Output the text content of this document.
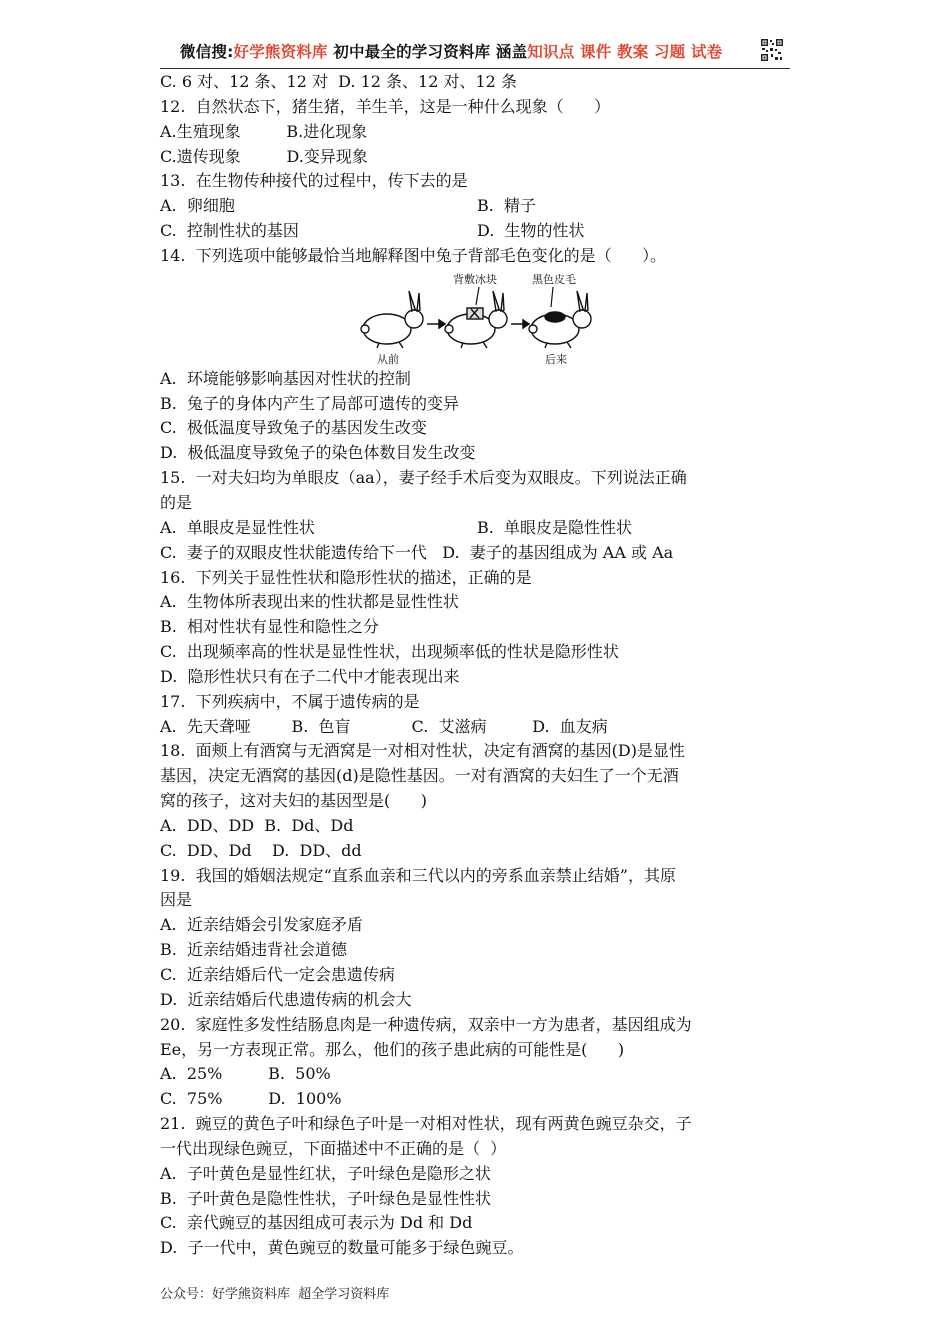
微信搜:好学熊资料库 初中最全的学习资料库 涵盖知识点 课件 教案 习题 试卷
C. 6 对、12 条、12 对  D. 12 条、12 对、12 条
12.  自然状态下，猪生猪，羊生羊，这是一种什么现象（      ）
A.生殖现象         B.进化现象
C.遗传现象         D.变异现象
13.  在生物传种接代的过程中，传下去的是
A.  卵细胞	B.  精子
C.  控制性状的基因	D.  生物的性状
14.  下列选项中能够最恰当地解释图中兔子背部毛色变化的是（      ）。
背敷冰块	黑色皮毛
从前	后来
A.  环境能够影响基因对性状的控制
B.  兔子的身体内产生了局部可遗传的变异
C.  极低温度导致兔子的基因发生改变
D.  极低温度导致兔子的染色体数目发生改变
15.  一对夫妇均为单眼皮（aa），妻子经手术后变为双眼皮。下列说法正确
的是
A.  单眼皮是显性性状	B.  单眼皮是隐性性状
C.  妻子的双眼皮性状能遗传给下一代   D.  妻子的基因组成为 AA 或 Aa
16.  下列关于显性性状和隐形性状的描述，正确的是
A.  生物体所表现出来的性状都是显性性状
B.  相对性状有显性和隐性之分
C.  出现频率高的性状是显性性状，出现频率低的性状是隐形性状
D.  隐形性状只有在子二代中才能表现出来
17.  下列疾病中，不属于遗传病的是
A.  先天聋哑        B.  色盲            C.  艾滋病         D.  血友病
18.  面颊上有酒窝与无酒窝是一对相对性状，决定有酒窝的基因(D)是显性
基因，决定无酒窝的基因(d)是隐性基因。一对有酒窝的夫妇生了一个无酒
窝的孩子，这对夫妇的基因型是(      )
A.  DD、DD  B.  Dd、Dd
C.  DD、Dd    D.  DD、dd
19.  我国的婚姻法规定“直系血亲和三代以内的旁系血亲禁止结婚”，其原
因是
A.  近亲结婚会引发家庭矛盾
B.  近亲结婚违背社会道德
C.  近亲结婚后代一定会患遗传病
D.  近亲结婚后代患遗传病的机会大
20.  家庭性多发性结肠息肉是一种遗传病，双亲中一方为患者，基因组成为
Ee，另一方表现正常。那么，他们的孩子患此病的可能性是(      )
A.  25%         B.  50%
C.  75%         D.  100%
21.  豌豆的黄色子叶和绿色子叶是一对相对性状，现有两黄色豌豆杂交，子
一代出现绿色豌豆，下面描述中不正确的是（  ）
A.  子叶黄色是显性红状，子叶绿色是隐形之状
B.  子叶黄色是隐性性状，子叶绿色是显性性状
C.  亲代豌豆的基因组成可表示为 Dd 和 Dd
D.  子一代中，黄色豌豆的数量可能多于绿色豌豆。
公众号：好学熊资料库  超全学习资料库
